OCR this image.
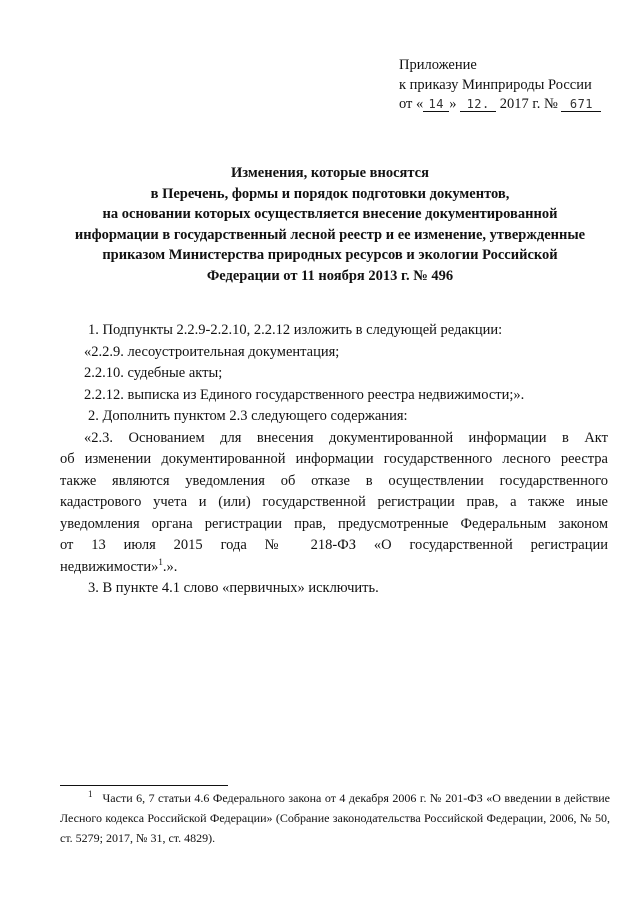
Приложение
к приказу Минприроды России
от « 14 » 12. 2017 г. № 671
Изменения, которые вносятся
в Перечень, формы и порядок подготовки документов,
на основании которых осуществляется внесение документированной
информации в государственный лесной реестр и ее изменение, утвержденные
приказом Министерства природных ресурсов и экологии Российской
Федерации от 11 ноября 2013 г. № 496
1. Подпункты 2.2.9-2.2.10, 2.2.12 изложить в следующей редакции:
«2.2.9. лесоустроительная документация;
2.2.10. судебные акты;
2.2.12. выписка из Единого государственного реестра недвижимости;».
2. Дополнить пунктом 2.3 следующего содержания:
«2.3. Основанием для внесения документированной информации в Акт
об изменении документированной информации государственного лесного реестра
также являются уведомления об отказе в осуществлении государственного
кадастрового учета и (или) государственной регистрации прав, а также иные
уведомления органа регистрации прав, предусмотренные Федеральным законом
от 13 июля 2015 года № 218-ФЗ «О государственной регистрации
недвижимости»$^1$.».
3. В пункте 4.1 слово «первичных» исключить.
$^1$ Части 6, 7 статьи 4.6 Федерального закона от 4 декабря 2006 г. № 201-ФЗ «О введении в действие Лесного кодекса Российской Федерации» (Собрание законодательства Российской Федерации, 2006, № 50, ст. 5279; 2017, № 31, ст. 4829).
